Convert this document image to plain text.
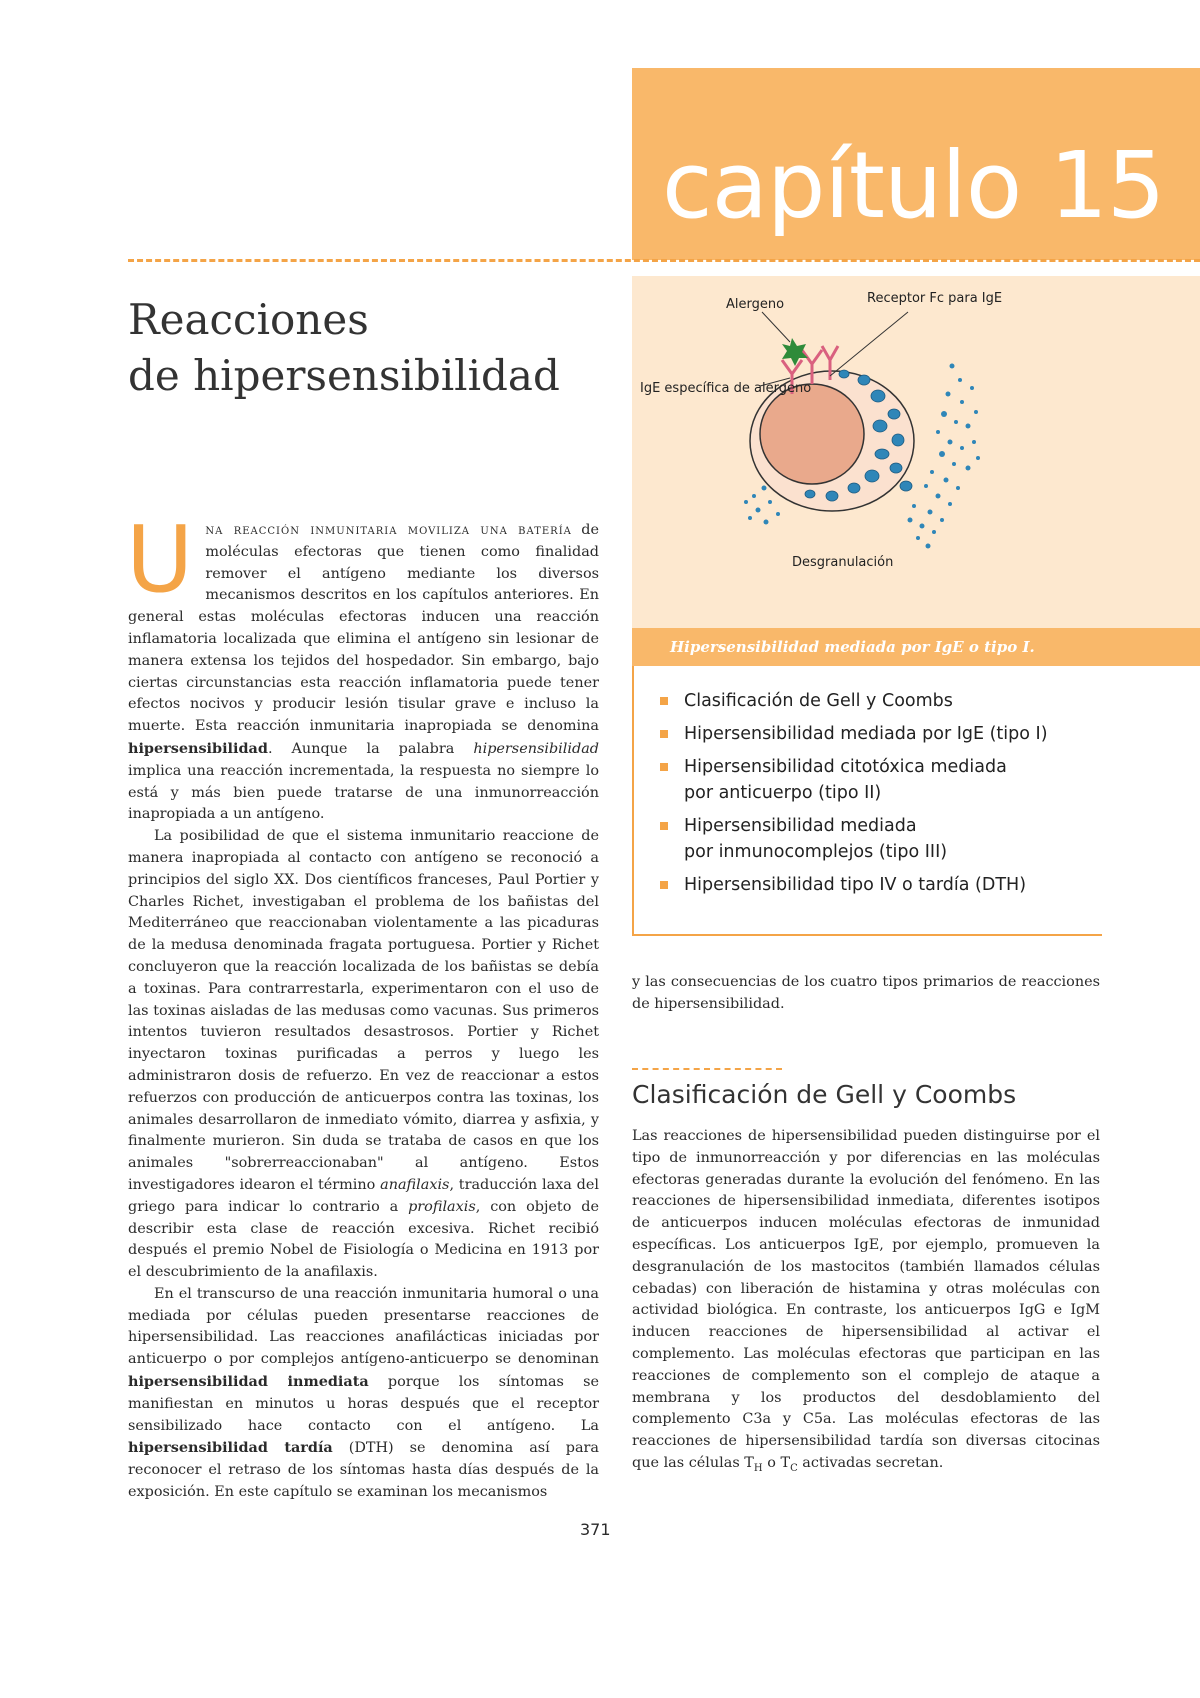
capítulo 15
Reacciones
de hipersensibilidad
Alergeno	Receptor Fc para IgE
IgE específica de alergeno
Desgranulación
Hipersensibilidad mediada por IgE o tipo I.
Clasificación de Gell y Coombs
Hipersensibilidad mediada por IgE (tipo I)
Hipersensibilidad citotóxica mediada
por anticuerpo (tipo II)
Hipersensibilidad mediada
por inmunocomplejos (tipo III)
Hipersensibilidad tipo IV o tardía (DTH)

Una reacción inmunitaria moviliza una batería de moléculas efectoras que tienen como finalidad remover el antígeno mediante los diversos mecanismos descritos en los capítulos anteriores. En general estas moléculas efectoras inducen una reacción inflamatoria localizada que elimina el antígeno sin lesionar de manera extensa los tejidos del hospedador. Sin embargo, bajo ciertas circunstancias esta reacción inflamatoria puede tener efectos nocivos y producir lesión tisular grave e incluso la muerte. Esta reacción inmunitaria inapropiada se denomina hipersensibilidad. Aunque la palabra hipersensibilidad implica una reacción incrementada, la respuesta no siempre lo está y más bien puede tratarse de una inmunorreacción inapropiada a un antígeno.

La posibilidad de que el sistema inmunitario reaccione de manera inapropiada al contacto con antígeno se reconoció a principios del siglo XX. Dos científicos franceses, Paul Portier y Charles Richet, investigaban el problema de los bañistas del Mediterráneo que reaccionaban violentamente a las picaduras de la medusa denominada fragata portuguesa. Portier y Richet concluyeron que la reacción localizada de los bañistas se debía a toxinas. Para contrarrestarla, experimentaron con el uso de las toxinas aisladas de las medusas como vacunas. Sus primeros intentos tuvieron resultados desastrosos. Portier y Richet inyectaron toxinas purificadas a perros y luego les administraron dosis de refuerzo. En vez de reaccionar a estos refuerzos con producción de anticuerpos contra las toxinas, los animales desarrollaron de inmediato vómito, diarrea y asfixia, y finalmente murieron. Sin duda se trataba de casos en que los animales "sobrerreaccionaban" al antígeno. Estos investigadores idearon el término anafilaxis, traducción laxa del griego para indicar lo contrario a profilaxis, con objeto de describir esta clase de reacción excesiva. Richet recibió después el premio Nobel de Fisiología o Medicina en 1913 por el descubrimiento de la anafilaxis.

En el transcurso de una reacción inmunitaria humoral o una mediada por células pueden presentarse reacciones de hipersensibilidad. Las reacciones anafilácticas iniciadas por anticuerpo o por complejos antígeno-anticuerpo se denominan hipersensibilidad inmediata porque los síntomas se manifiestan en minutos u horas después que el receptor sensibilizado hace contacto con el antígeno. La hipersensibilidad tardía (DTH) se denomina así para reconocer el retraso de los síntomas hasta días después de la exposición. En este capítulo se examinan los mecanismos

y las consecuencias de los cuatro tipos primarios de reacciones de hipersensibilidad.

Clasificación de Gell y Coombs

Las reacciones de hipersensibilidad pueden distinguirse por el tipo de inmunorreacción y por diferencias en las moléculas efectoras generadas durante la evolución del fenómeno. En las reacciones de hipersensibilidad inmediata, diferentes isotipos de anticuerpos inducen moléculas efectoras de inmunidad específicas. Los anticuerpos IgE, por ejemplo, promueven la desgranulación de los mastocitos (también llamados células cebadas) con liberación de histamina y otras moléculas con actividad biológica. En contraste, los anticuerpos IgG e IgM inducen reacciones de hipersensibilidad al activar el complemento. Las moléculas efectoras que participan en las reacciones de complemento son el complejo de ataque a membrana y los productos del desdoblamiento del complemento C3a y C5a. Las moléculas efectoras de las reacciones de hipersensibilidad tardía son diversas citocinas que las células $T_H$ o $T_C$ activadas secretan.

371
